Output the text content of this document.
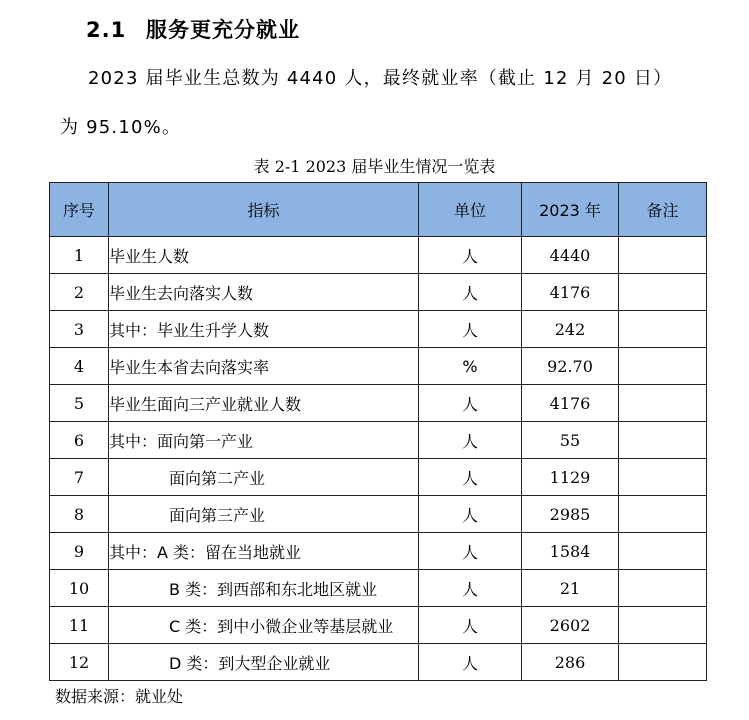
2.1 服务更充分就业
2023 届毕业生总数为 4440 人，最终就业率（截止 12 月 20 日）
为 95.10%。
表 2-1 2023 届毕业生情况一览表
序号	指标	单位	2023 年	备注
1	毕业生人数	人	4440	
2	毕业生去向落实人数	人	4176	
3	其中：毕业生升学人数	人	242	
4	毕业生本省去向落实率	%	92.70	
5	毕业生面向三产业就业人数	人	4176	
6	其中：面向第一产业	人	55	
7	面向第二产业	人	1129	
8	面向第三产业	人	2985	
9	其中：A 类：留在当地就业	人	1584	
10	B 类：到西部和东北地区就业	人	21	
11	C 类：到中小微企业等基层就业	人	2602	
12	D 类：到大型企业就业	人	286	
数据来源：就业处
